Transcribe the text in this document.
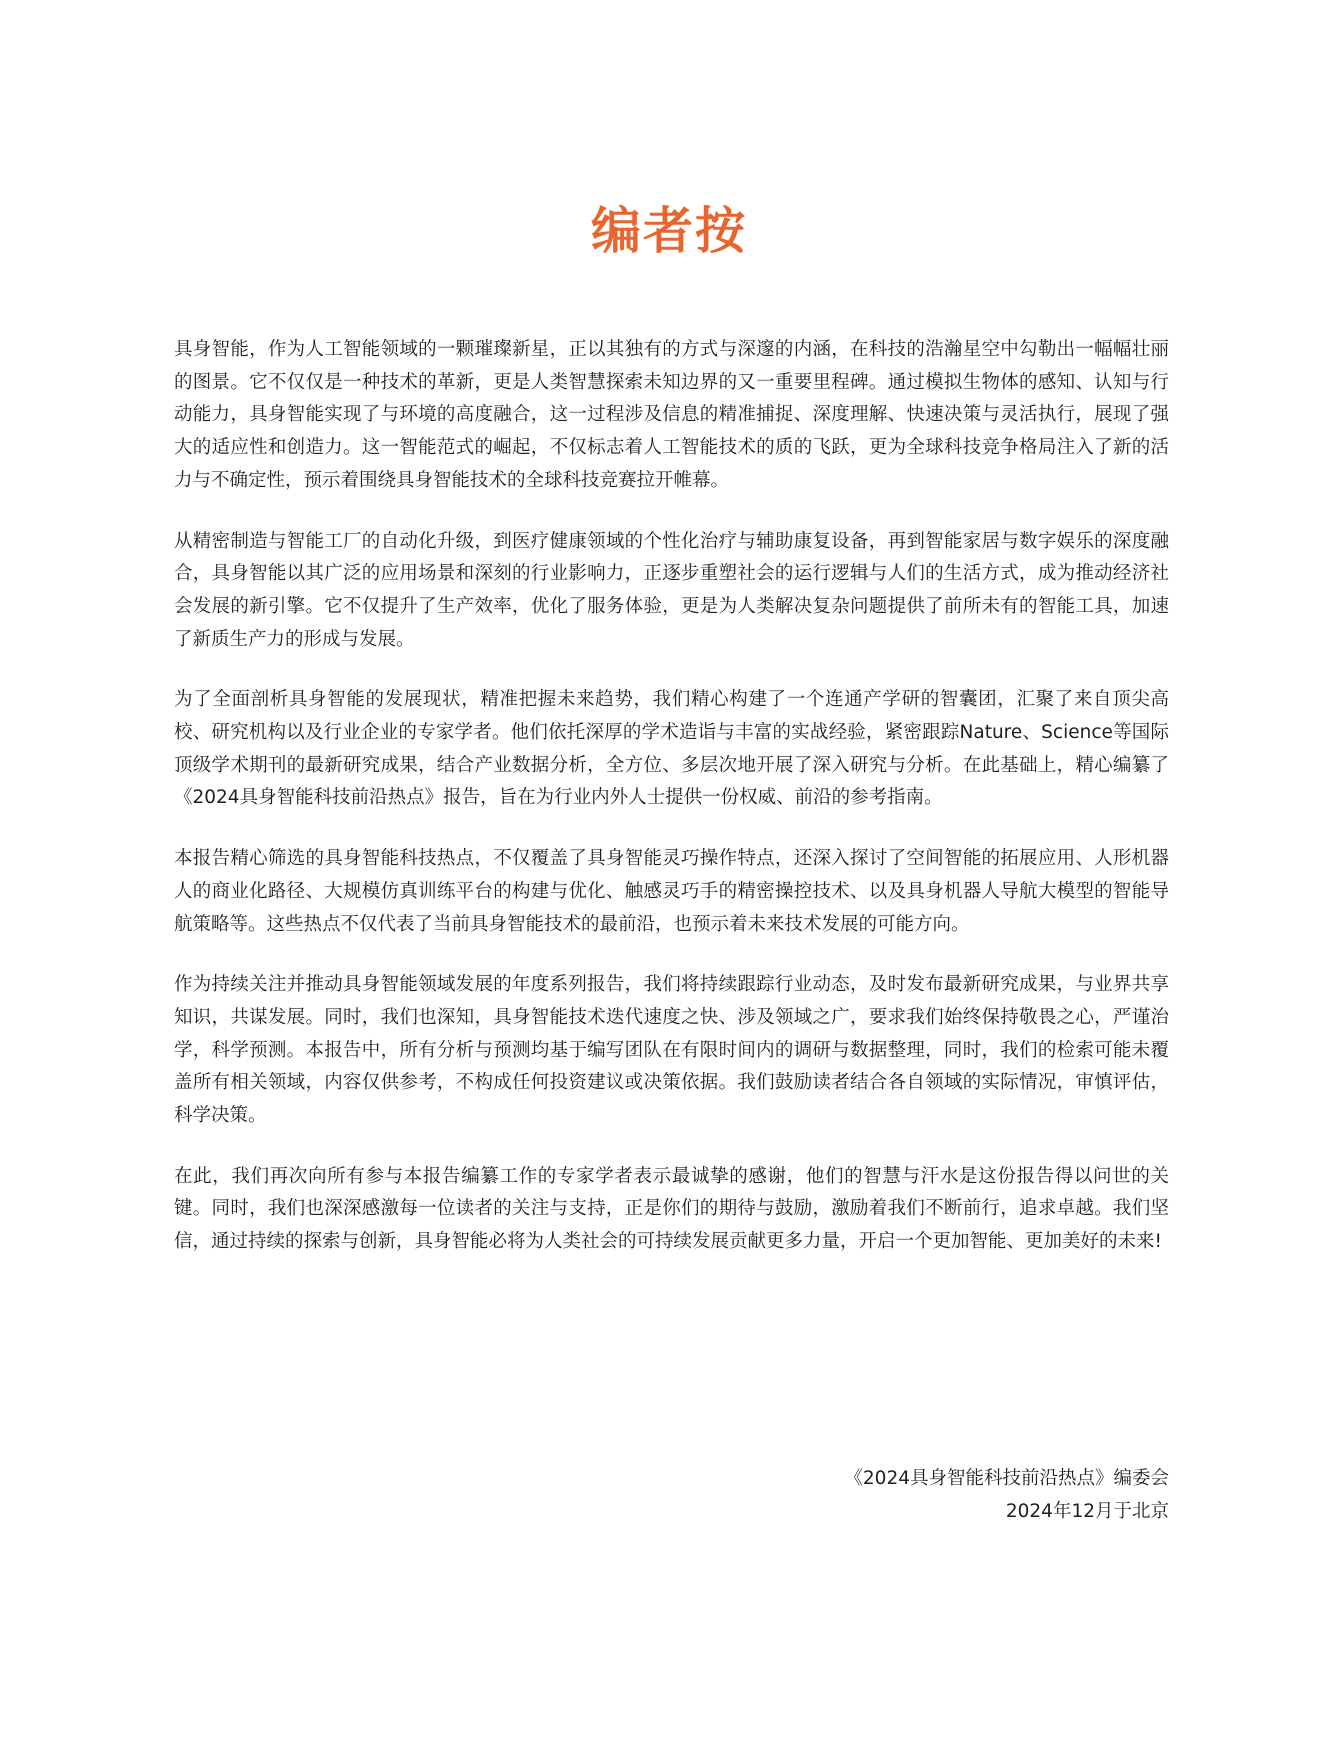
编者按

具身智能，作为人工智能领域的一颗璀璨新星，正以其独有的方式与深邃的内涵，在科技的浩瀚星空中勾勒出一幅幅壮丽的图景。它不仅仅是一种技术的革新，更是人类智慧探索未知边界的又一重要里程碑。通过模拟生物体的感知、认知与行动能力，具身智能实现了与环境的高度融合，这一过程涉及信息的精准捕捉、深度理解、快速决策与灵活执行，展现了强大的适应性和创造力。这一智能范式的崛起，不仅标志着人工智能技术的质的飞跃，更为全球科技竞争格局注入了新的活力与不确定性，预示着围绕具身智能技术的全球科技竞赛拉开帷幕。

从精密制造与智能工厂的自动化升级，到医疗健康领域的个性化治疗与辅助康复设备，再到智能家居与数字娱乐的深度融合，具身智能以其广泛的应用场景和深刻的行业影响力，正逐步重塑社会的运行逻辑与人们的生活方式，成为推动经济社会发展的新引擎。它不仅提升了生产效率，优化了服务体验，更是为人类解决复杂问题提供了前所未有的智能工具，加速了新质生产力的形成与发展。

为了全面剖析具身智能的发展现状，精准把握未来趋势，我们精心构建了一个连通产学研的智囊团，汇聚了来自顶尖高校、研究机构以及行业企业的专家学者。他们依托深厚的学术造诣与丰富的实战经验，紧密跟踪Nature、Science等国际顶级学术期刊的最新研究成果，结合产业数据分析，全方位、多层次地开展了深入研究与分析。在此基础上，精心编纂了《2024具身智能科技前沿热点》报告，旨在为行业内外人士提供一份权威、前沿的参考指南。

本报告精心筛选的具身智能科技热点，不仅覆盖了具身智能灵巧操作特点，还深入探讨了空间智能的拓展应用、人形机器人的商业化路径、大规模仿真训练平台的构建与优化、触感灵巧手的精密操控技术、以及具身机器人导航大模型的智能导航策略等。这些热点不仅代表了当前具身智能技术的最前沿，也预示着未来技术发展的可能方向。

作为持续关注并推动具身智能领域发展的年度系列报告，我们将持续跟踪行业动态，及时发布最新研究成果，与业界共享知识，共谋发展。同时，我们也深知，具身智能技术迭代速度之快、涉及领域之广，要求我们始终保持敬畏之心，严谨治学，科学预测。本报告中，所有分析与预测均基于编写团队在有限时间内的调研与数据整理，同时，我们的检索可能未覆盖所有相关领域，内容仅供参考，不构成任何投资建议或决策依据。我们鼓励读者结合各自领域的实际情况，审慎评估，科学决策。

在此，我们再次向所有参与本报告编纂工作的专家学者表示最诚挚的感谢，他们的智慧与汗水是这份报告得以问世的关键。同时，我们也深深感激每一位读者的关注与支持，正是你们的期待与鼓励，激励着我们不断前行，追求卓越。我们坚信，通过持续的探索与创新，具身智能必将为人类社会的可持续发展贡献更多力量，开启一个更加智能、更加美好的未来!

《2024具身智能科技前沿热点》编委会

2024年12月于北京
